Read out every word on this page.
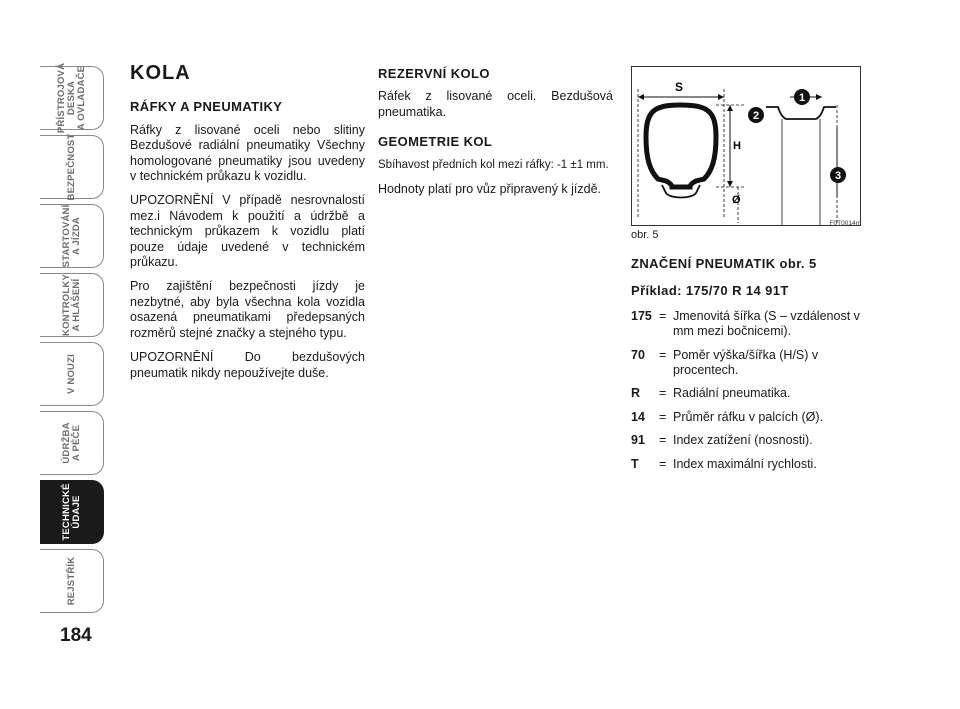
PŘÍSTROJOVÁ
DESKA
A OVLADAČE
BEZPEČNOST
STARTOVÁNÍ
A JÍZDA
KONTROLKY
A HLÁŠENÍ
V NOUZI
ÚDRŽBA
A PÉČE
TECHNICKÉ
ÚDAJE
REJSTŘÍK
184
KOLA
RÁFKY A PNEUMATIKY

Ráfky z lisované oceli nebo slitiny Bezdušové radiální pneumatiky Všechny homologované pneumatiky jsou uvedeny v technickém průkazu k vozidlu.

UPOZORNĚNÍ V případě nesrovnalostí mez.i Návodem k použití a údržbě a technickým průkazem k vozidlu platí pouze údaje uvedené v technickém průkazu.

Pro zajištění bezpečnosti jízdy je nezbytné, aby byla všechna kola vozidla osazená pneumatikami předepsaných rozměrů stejné značky a stejného typu.

UPOZORNĚNÍ Do bezdušových pneumatik nikdy nepoužívejte duše.

REZERVNÍ KOLO

Ráfek z lisované oceli. Bezdušová pneumatika.

GEOMETRIE KOL

Sbíhavost předních kol mezi ráfky: -1 ±1 mm.

Hodnoty platí pro vůz připravený k jízdě.

S
H
Ø
1
2
3
obr. 5
F0T0014m
ZNAČENÍ PNEUMATIK obr. 5
Příklad: 175/70 R 14 91T
175 = Jmenovitá šířka (S – vzdálenost v mm mezi bočnicemi).
70 = Poměr výška/šířka (H/S) v procentech.
R = Radiální pneumatika.
14 = Průměr ráfku v palcích (Ø).
91 = Index zatížení (nosnosti).
T = Index maximální rychlosti.
